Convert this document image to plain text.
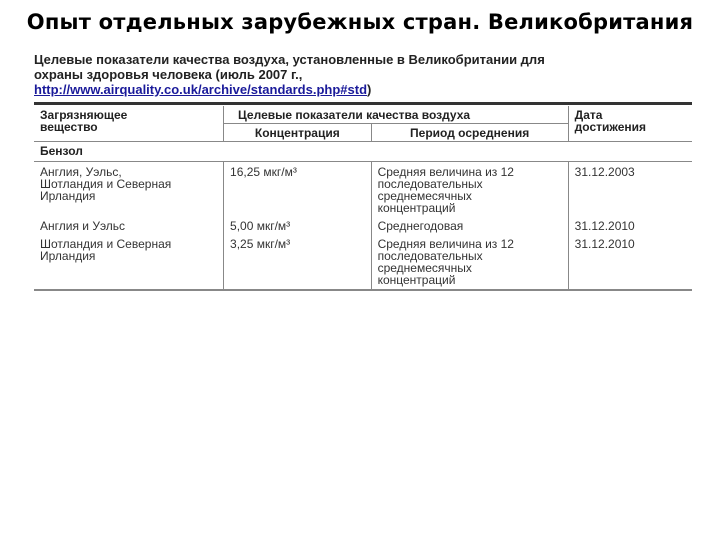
Опыт отдельных зарубежных стран. Великобритания
Целевые показатели качества воздуха, установленные в Великобритании для
охраны здоровья человека (июль 2007 г.,
http://www.airquality.co.uk/archive/standards.php#std)
Загрязняющее
вещество	Целевые показатели качества воздуха		Дата
достижения
	Концентрация	Период осреднения	
Бензол			
Англия, Уэльс,
Шотландия и Северная
Ирландия	16,25 мкг/м³	Средняя величина из 12
последовательных
среднемесячных
концентраций	31.12.2003
Англия и Уэльс	5,00 мкг/м³	Среднегодовая	31.12.2010
Шотландия и Северная
Ирландия	3,25 мкг/м³	Средняя величина из 12
последовательных
среднемесячных
концентраций	31.12.2010
